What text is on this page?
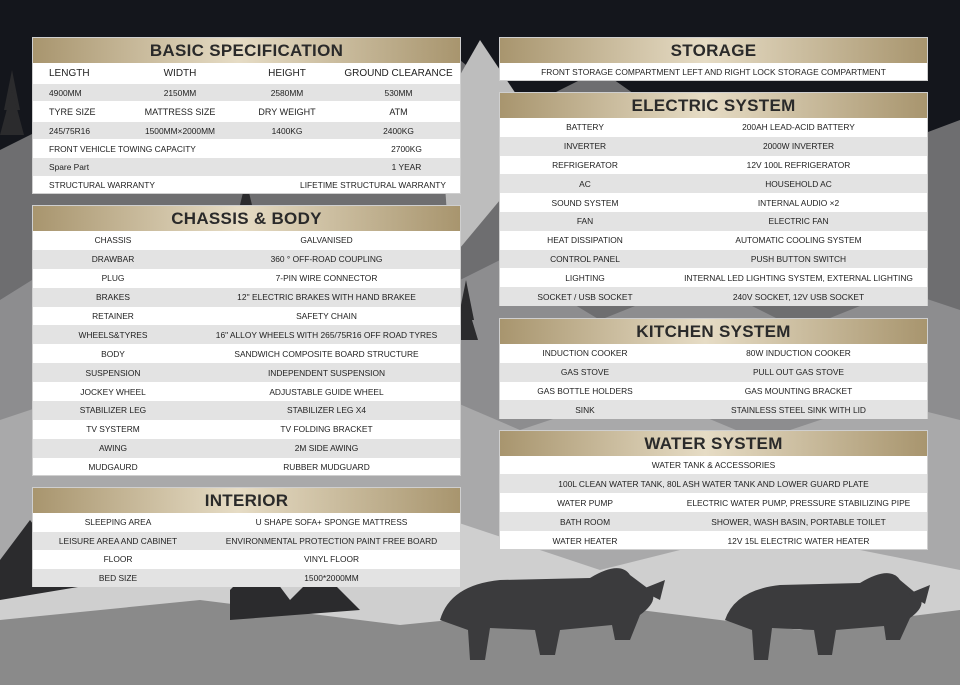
BASIC SPECIFICATION
LENGTH	WIDTH	HEIGHT	GROUND CLEARANCE
4900MM	2150MM	2580MM	530MM
TYRE SIZE	MATTRESS SIZE	DRY WEIGHT	ATM
245/75R16	1500MM×2000MM	1400KG	2400KG
FRONT VEHICLE TOWING CAPACITY	2700KG
Spare Part	1 YEAR
STRUCTURAL WARRANTY	LIFETIME STRUCTURAL WARRANTY
CHASSIS & BODY
CHASSIS	GALVANISED
DRAWBAR	360 ° OFF-ROAD COUPLING
PLUG	7-PIN WIRE CONNECTOR
BRAKES	12'' ELECTRIC BRAKES WITH HAND BRAKEE
RETAINER	SAFETY CHAIN
WHEELS&TYRES	16" ALLOY WHEELS WITH 265/75R16 OFF ROAD TYRES
BODY	SANDWICH COMPOSITE BOARD STRUCTURE
SUSPENSION	INDEPENDENT SUSPENSION
JOCKEY WHEEL	ADJUSTABLE GUIDE WHEEL
STABILIZER LEG	STABILIZER LEG X4
TV SYSTERM	TV FOLDING BRACKET
AWING	2M SIDE AWING
MUDGAURD	RUBBER MUDGUARD
INTERIOR
SLEEPING AREA	U SHAPE SOFA+ SPONGE MATTRESS
LEISURE AREA AND CABINET	ENVIRONMENTAL PROTECTION PAINT FREE BOARD
FLOOR	VINYL FLOOR
BED SIZE	1500*2000MM
STORAGE
FRONT STORAGE COMPARTMENT LEFT AND RIGHT LOCK STORAGE COMPARTMENT
ELECTRIC SYSTEM
BATTERY	200AH LEAD-ACID BATTERY
INVERTER	2000W INVERTER
REFRIGERATOR	12V 100L REFRIGERATOR
AC	HOUSEHOLD AC
SOUND SYSTEM	INTERNAL AUDIO ×2
FAN	ELECTRIC FAN
HEAT DISSIPATION	AUTOMATIC COOLING SYSTEM
CONTROL PANEL	PUSH BUTTON SWITCH
LIGHTING	INTERNAL LED LIGHTING SYSTEM, EXTERNAL LIGHTING
SOCKET / USB SOCKET	240V SOCKET, 12V USB SOCKET
KITCHEN SYSTEM
INDUCTION COOKER	80W INDUCTION COOKER
GAS STOVE	PULL OUT GAS STOVE
GAS BOTTLE HOLDERS	GAS MOUNTING BRACKET
SINK	STAINLESS STEEL SINK WITH LID
WATER SYSTEM
WATER TANK & ACCESSORIES
100L CLEAN WATER TANK, 80L ASH WATER TANK AND LOWER GUARD PLATE
WATER PUMP	ELECTRIC WATER PUMP, PRESSURE STABILIZING PIPE
BATH ROOM	SHOWER, WASH BASIN, PORTABLE TOILET
WATER HEATER	12V 15L ELECTRIC WATER HEATER
